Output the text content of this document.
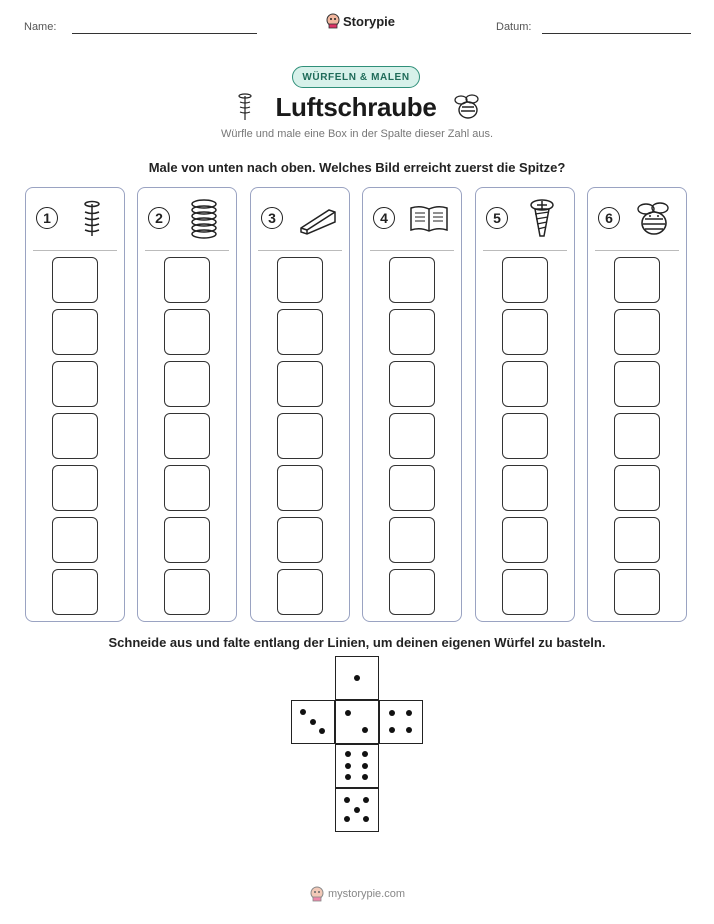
Name:	Storypie	Datum:
WÜRFELN & MALEN
Luftschraube
Würfle und male eine Box in der Spalte dieser Zahl aus.
Male von unten nach oben. Welches Bild erreicht zuerst die Spitze?
1	2	3	4	5	6
Schneide aus und falte entlang der Linien, um deinen eigenen Würfel zu basteln.
mystorypie.com
